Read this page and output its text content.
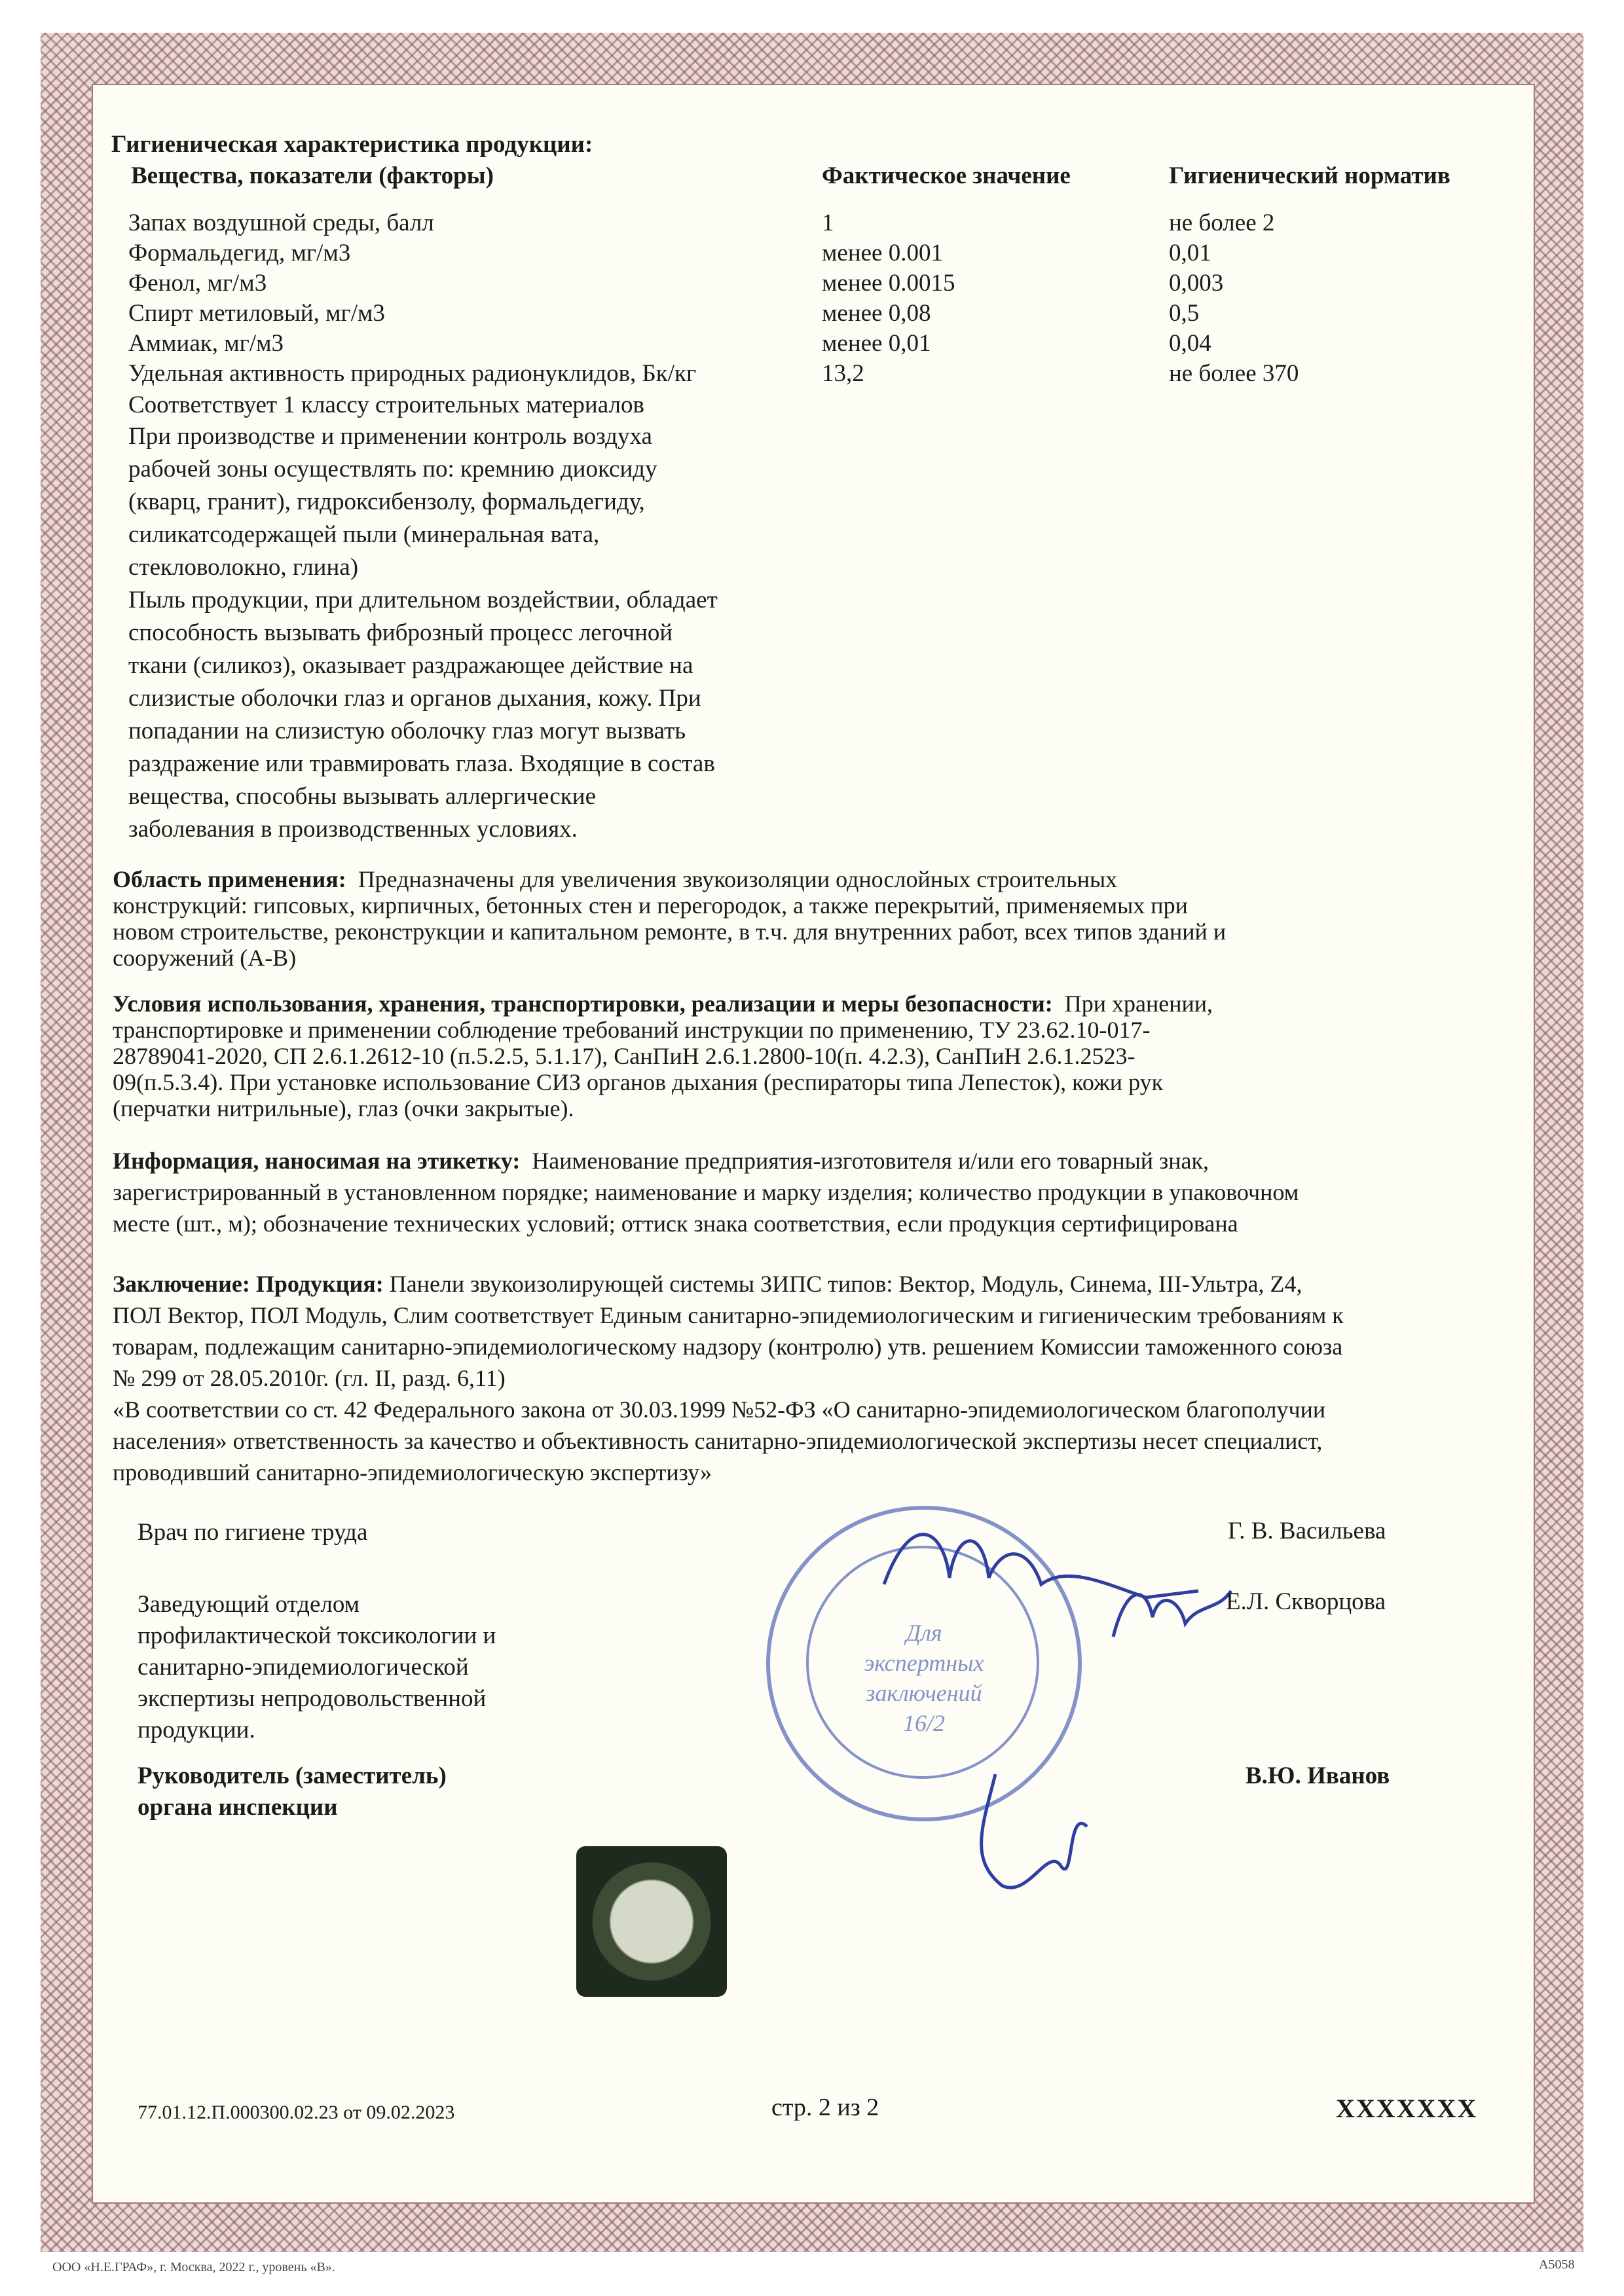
Гигиеническая характеристика продукции:
Вещества, показатели (факторы)	Фактическое значение	Гигиенический норматив
Запах воздушной среды, балл	1	не более 2
Формальдегид, мг/м3	менее 0.001	0,01
Фенол, мг/м3	менее 0.0015	0,003
Спирт метиловый, мг/м3	менее 0,08	0,5
Аммиак, мг/м3	менее 0,01	0,04
Удельная активность природных радионуклидов, Бк/кг	13,2	не более 370
Соответствует 1 классу строительных материалов
При производстве и применении контроль воздуха
рабочей зоны осуществлять по: кремнию диоксиду
(кварц, гранит), гидроксибензолу, формальдегиду,
силикатсодержащей пыли (минеральная вата,
стекловолокно, глина)
Пыль продукции, при длительном воздействии, обладает
способность вызывать фиброзный процесс легочной
ткани (силикоз), оказывает раздражающее действие на
слизистые оболочки глаз и органов дыхания, кожу. При
попадании на слизистую оболочку глаз могут вызвать
раздражение или травмировать глаза. Входящие в состав
вещества, способны вызывать аллергические
заболевания в производственных условиях.
Область применения: Предназначены для увеличения звукоизоляции однослойных строительных
конструкций: гипсовых, кирпичных, бетонных стен и перегородок, а также перекрытий, применяемых при
новом строительстве, реконструкции и капитальном ремонте, в т.ч. для внутренних работ, всех типов зданий и
сооружений (А-В)
Условия использования, хранения, транспортировки, реализации и меры безопасности: При хранении,
транспортировке и применении соблюдение требований инструкции по применению, ТУ 23.62.10-017-
28789041-2020, СП 2.6.1.2612-10 (п.5.2.5, 5.1.17), СанПиН 2.6.1.2800-10(п. 4.2.3), СанПиН 2.6.1.2523-
09(п.5.3.4). При установке использование СИЗ органов дыхания (респираторы типа Лепесток), кожи рук
(перчатки нитрильные), глаз (очки закрытые).
Информация, наносимая на этикетку: Наименование предприятия-изготовителя и/или его товарный знак,
зарегистрированный в установленном порядке; наименование и марку изделия; количество продукции в упаковочном
месте (шт., м); обозначение технических условий; оттиск знака соответствия, если продукция сертифицирована
Заключение: Продукция: Панели звукоизолирующей системы ЗИПС типов: Вектор, Модуль, Синема, III-Ультра, Z4,
ПОЛ Вектор, ПОЛ Модуль, Слим соответствует Единым санитарно-эпидемиологическим и гигиеническим требованиям к
товарам, подлежащим санитарно-эпидемиологическому надзору (контролю) утв. решением Комиссии таможенного союза
№ 299 от 28.05.2010г. (гл. II, разд. 6,11)
«В соответствии со ст. 42 Федерального закона от 30.03.1999 №52-ФЗ «О санитарно-эпидемиологическом благополучии
населения» ответственность за качество и объективность санитарно-эпидемиологической экспертизы несет специалист,
проводивший санитарно-эпидемиологическую экспертизу»
Для
экспертных
заключений
16/2
Врач по гигиене труда	Г. В. Васильева
Заведующий отделом
профилактической токсикологии и
санитарно-эпидемиологической
экспертизы непродовольственной
продукции.
Е.Л. Скворцова
Руководитель (заместитель)
органа инспекции
В.Ю. Иванов
77.01.12.П.000300.02.23 от 09.02.2023	стр. 2 из 2	XXXXXXX
ООО «Н.Е.ГРАФ», г. Москва, 2022 г., уровень «В».	А5058
